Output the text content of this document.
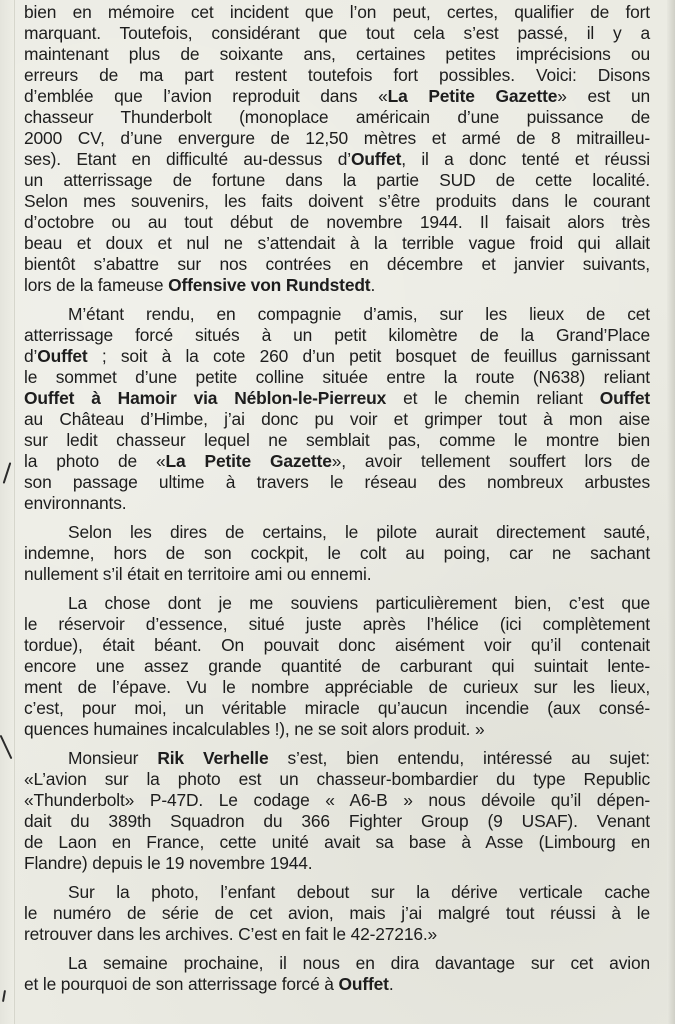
bien en mémoire cet incident que l’on peut, certes, qualifier de fort
marquant. Toutefois, considérant que tout cela s’est passé, il y a
maintenant plus de soixante ans, certaines petites imprécisions ou
erreurs de ma part restent toutefois fort possibles. Voici: Disons
d’emblée que l’avion reproduit dans «La Petite Gazette» est un
chasseur Thunderbolt (monoplace américain d’une puissance de
2000 CV, d’une envergure de 12,50 mètres et armé de 8 mitrailleu-
ses). Etant en difficulté au-dessus d’Ouffet, il a donc tenté et réussi
un atterrissage de fortune dans la partie SUD de cette localité.
Selon mes souvenirs, les faits doivent s’être produits dans le courant
d’octobre ou au tout début de novembre 1944. Il faisait alors très
beau et doux et nul ne s’attendait à la terrible vague froid qui allait
bientôt s’abattre sur nos contrées en décembre et janvier suivants,
lors de la fameuse Offensive von Rundstedt.

M’étant rendu, en compagnie d’amis, sur les lieux de cet
atterrissage forcé situés à un petit kilomètre de la Grand’Place
d’Ouffet ; soit à la cote 260 d’un petit bosquet de feuillus garnissant
le sommet d’une petite colline située entre la route (N638) reliant
Ouffet à Hamoir via Néblon-le-Pierreux et le chemin reliant Ouffet
au Château d’Himbe, j’ai donc pu voir et grimper tout à mon aise
sur ledit chasseur lequel ne semblait pas, comme le montre bien
la photo de «La Petite Gazette», avoir tellement souffert lors de
son passage ultime à travers le réseau des nombreux arbustes
environnants.

Selon les dires de certains, le pilote aurait directement sauté,
indemne, hors de son cockpit, le colt au poing, car ne sachant
nullement s’il était en territoire ami ou ennemi.

La chose dont je me souviens particulièrement bien, c’est que
le réservoir d’essence, situé juste après l’hélice (ici complètement
tordue), était béant. On pouvait donc aisément voir qu’il contenait
encore une assez grande quantité de carburant qui suintait lente-
ment de l’épave. Vu le nombre appréciable de curieux sur les lieux,
c’est, pour moi, un véritable miracle qu’aucun incendie (aux consé-
quences humaines incalculables !), ne se soit alors produit. »

Monsieur Rik Verhelle s’est, bien entendu, intéressé au sujet:
«L’avion sur la photo est un chasseur-bombardier du type Republic
«Thunderbolt» P-47D. Le codage « A6-B » nous dévoile qu’il dépen-
dait du 389th Squadron du 366 Fighter Group (9 USAF). Venant
de Laon en France, cette unité avait sa base à Asse (Limbourg en
Flandre) depuis le 19 novembre 1944.

Sur la photo, l’enfant debout sur la dérive verticale cache
le numéro de série de cet avion, mais j’ai malgré tout réussi à le
retrouver dans les archives. C’est en fait le 42-27216.»

La semaine prochaine, il nous en dira davantage sur cet avion
et le pourquoi de son atterrissage forcé à Ouffet.
